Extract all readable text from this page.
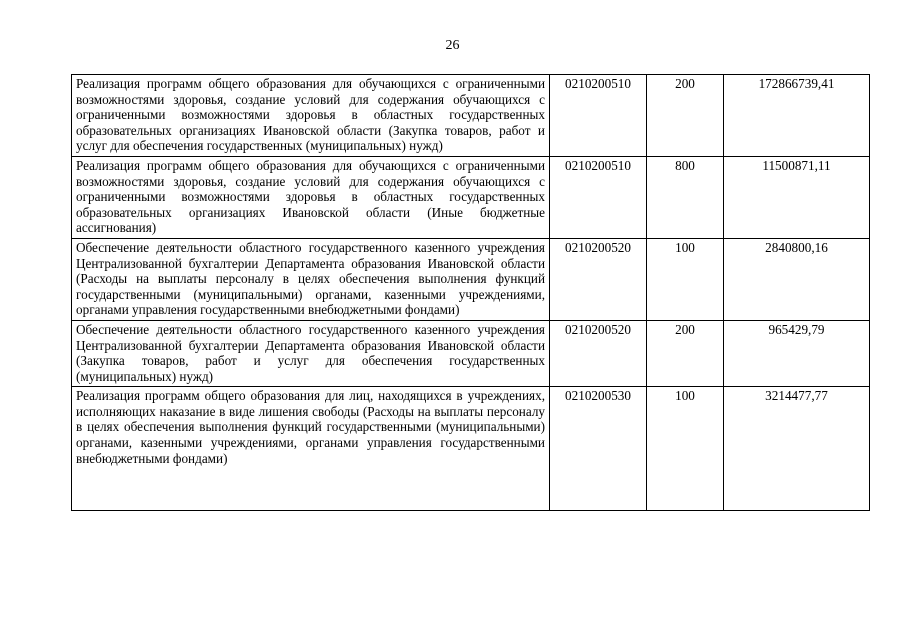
26
Реализация программ общего образования для обучающихся с ограниченными возможностями здоровья, создание условий для содержания обучающихся с ограниченными возможностями здоровья в областных государственных образовательных организациях Ивановской области (Закупка товаров, работ и услуг для обеспечения государственных (муниципальных) нужд)	0210200510	200	172866739,41
Реализация программ общего образования для обучающихся с ограниченными возможностями здоровья, создание условий для содержания обучающихся с ограниченными возможностями здоровья в областных государственных образовательных организациях Ивановской области (Иные бюджетные ассигнования)	0210200510	800	11500871,11
Обеспечение деятельности областного государственного казенного учреждения Централизованной бухгалтерии Департамента образования Ивановской области (Расходы на выплаты персоналу в целях обеспечения выполнения функций государственными (муниципальными) органами, казенными учреждениями, органами управления государственными внебюджетными фондами)	0210200520	100	2840800,16
Обеспечение деятельности областного государственного казенного учреждения Централизованной бухгалтерии Департамента образования Ивановской области (Закупка товаров, работ и услуг для обеспечения государственных (муниципальных) нужд)	0210200520	200	965429,79
Реализация программ общего образования для лиц, находящихся в учреждениях, исполняющих наказание в виде лишения свободы (Расходы на выплаты персоналу в целях обеспечения выполнения функций государственными (муниципальными) органами, казенными учреждениями, органами управления государственными внебюджетными фондами)	0210200530	100	3214477,77
